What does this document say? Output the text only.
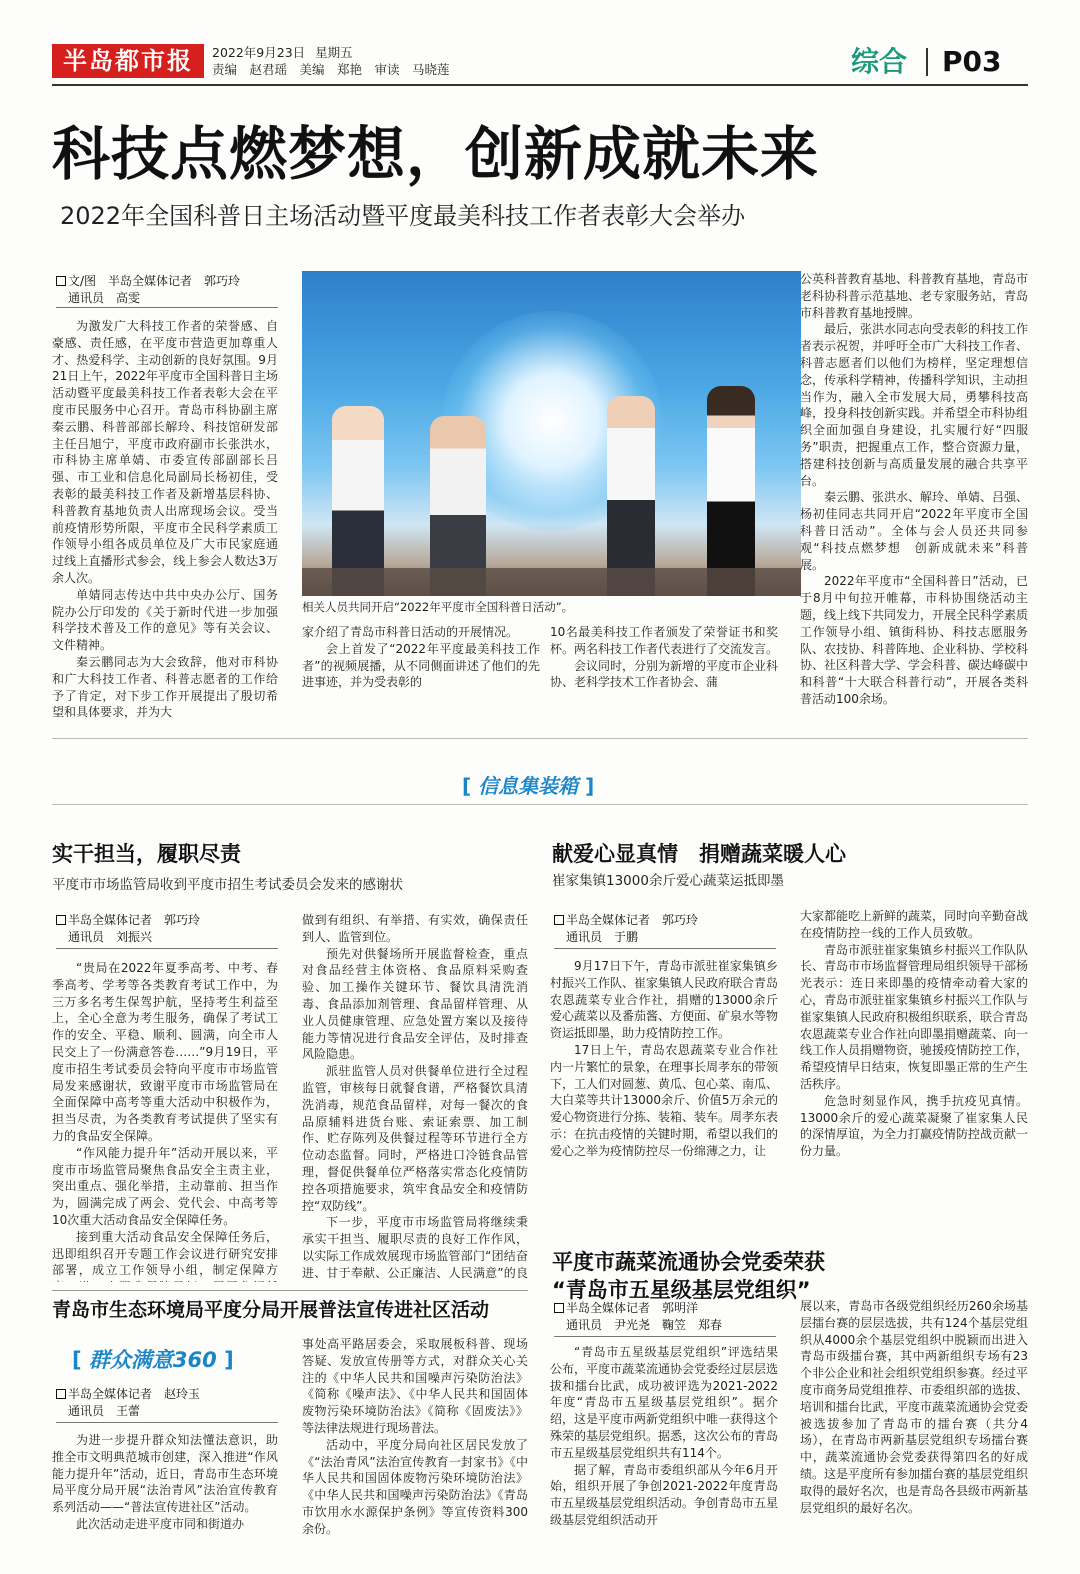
半岛都市报	2022年9月23日 星期五
责编　赵君瑶　美编　郑艳　审读　马晓莲	综合 P03
科技点燃梦想，创新成就未来
2022年全国科普日主场活动暨平度最美科技工作者表彰大会举办
文/图　半岛全媒体记者　郭巧玲
通讯员　高雯

为激发广大科技工作者的荣誉感、自豪感、责任感，在平度市营造更加尊重人才、热爱科学、主动创新的良好氛围。9月21日上午，2022年平度市全国科普日主场活动暨平度最美科技工作者表彰大会在平度市民服务中心召开。青岛市科协副主席秦云鹏、科普部部长解玲、科技馆研发部主任吕旭宁，平度市政府副市长张洪水，市科协主席单婧、市委宣传部副部长吕强、市工业和信息化局副局长杨初佳，受表彰的最美科技工作者及新增基层科协、科普教育基地负责人出席现场会议。受当前疫情形势所限，平度市全民科学素质工作领导小组各成员单位及广大市民家庭通过线上直播形式参会，线上参会人数达3万余人次。

单婧同志传达中共中央办公厅、国务院办公厅印发的《关于新时代进一步加强科学技术普及工作的意见》等有关会议、文件精神。

秦云鹏同志为大会致辞，他对市科协和广大科技工作者、科普志愿者的工作给予了肯定，对下步工作开展提出了殷切希望和具体要求，并为大

相关人员共同开启“2022年平度市全国科普日活动”。

家介绍了青岛市科普日活动的开展情况。

会上首发了“2022年平度最美科技工作者”的视频展播，从不同侧面讲述了他们的先进事迹，并为受表彰的

10名最美科技工作者颁发了荣誉证书和奖杯。两名科技工作者代表进行了交流发言。

会议同时，分别为新增的平度市企业科协、老科学技术工作者协会、蒲

公英科普教育基地、科普教育基地，青岛市老科协科普示范基地、老专家服务站，青岛市科普教育基地授牌。

最后，张洪水同志向受表彰的科技工作者表示祝贺，并呼吁全市广大科技工作者、科普志愿者们以他们为榜样，坚定理想信念，传承科学精神，传播科学知识，主动担当作为，融入全市发展大局，勇攀科技高峰，投身科技创新实践。并希望全市科协组织全面加强自身建设，扎实履行好“四服务”职责，把握重点工作，整合资源力量，搭建科技创新与高质量发展的融合共享平台。

秦云鹏、张洪水、解玲、单婧、吕强、杨初佳同志共同开启“2022年平度市全国科普日活动”。全体与会人员还共同参观“科技点燃梦想　创新成就未来”科普展。

2022年平度市“全国科普日”活动，已于8月中旬拉开帷幕，市科协围绕活动主题，线上线下共同发力，开展全民科学素质工作领导小组、镇街科协、科技志愿服务队、农技协、科普阵地、企业科协、学校科协、社区科普大学、学会科普、碳达峰碳中和科普“十大联合科普行动”，开展各类科普活动100余场。

[ 信息集装箱 ]
实干担当，履职尽责
平度市市场监管局收到平度市招生考试委员会发来的感谢状
半岛全媒体记者　郭巧玲
通讯员　刘振兴

“贵局在2022年夏季高考、中考、春季高考、学考等各类教育考试工作中，为三万多名考生保驾护航，坚持考生利益至上，全心全意为考生服务，确保了考试工作的安全、平稳、顺利、圆满，向全市人民交上了一份满意答卷……”9月19日，平度市招生考试委员会特向平度市市场监管局发来感谢状，致谢平度市市场监管局在全面保障中高考等重大活动中积极作为，担当尽责，为各类教育考试提供了坚实有力的食品安全保障。

“作风能力提升年”活动开展以来，平度市市场监管局聚焦食品安全主责主业，突出重点、强化举措，主动靠前、担当作为，圆满完成了两会、党代会、中高考等10次重大活动食品安全保障任务。

接到重大活动食品安全保障任务后，迅即组织召开专题工作会议进行研究安排部署，成立工作领导小组，制定保障方

做到有组织、有举措、有实效，确保责任到人、监管到位。

预先对供餐场所开展监督检查，重点对食品经营主体资格、食品原料采购查验、加工操作关键环节、餐饮具清洗消毒、食品添加剂管理、食品留样管理、从业人员健康管理、应急处置方案以及接待能力等情况进行食品安全评估，及时排查风险隐患。

派驻监管人员对供餐单位进行全过程监管，审核每日就餐食谱，严格餐饮具清洗消毒，规范食品留样，对每一餐次的食品原辅料进货台账、索证索票、加工制作、贮存陈列及供餐过程等环节进行全方位动态监督。同时，严格进口冷链食品管理，督促供餐单位严格落实常态化疫情防控各项措施要求，筑牢食品安全和疫情防控“双防线”。

下一步，平度市市场监管局将继续秉承实干担当、履职尽责的良好工作作风，以实际工作成效展现市场监管部门“团结奋进、甘于奉献、公正廉洁、人民满意”的良

献爱心显真情　捐赠蔬菜暖人心
崔家集镇13000余斤爱心蔬菜运抵即墨
半岛全媒体记者　郭巧玲
通讯员　于鹏

9月17日下午，青岛市派驻崔家集镇乡村振兴工作队、崔家集镇人民政府联合青岛农恩蔬菜专业合作社，捐赠的13000余斤爱心蔬菜以及番茄酱、方便面、矿泉水等物资运抵即墨，助力疫情防控工作。

17日上午，青岛农恩蔬菜专业合作社内一片繁忙的景象，在理事长周孝东的带领下，工人们对圆葱、黄瓜、包心菜、南瓜、大白菜等共计13000余斤、价值5万余元的爱心物资进行分拣、装箱、装车。周孝东表示：在抗击疫情的关键时期，希望以我们的爱心之举为疫情防控尽一份绵薄之力，让

大家都能吃上新鲜的蔬菜，同时向辛勤奋战在疫情防控一线的工作人员致敬。

青岛市派驻崔家集镇乡村振兴工作队队长、青岛市市场监督管理局组织领导干部杨光表示：连日来即墨的疫情牵动着大家的心，青岛市派驻崔家集镇乡村振兴工作队与崔家集镇人民政府积极组织联系，联合青岛农恩蔬菜专业合作社向即墨捐赠蔬菜、向一线工作人员捐赠物资，驰援疫情防控工作，希望疫情早日结束，恢复即墨正常的生产生活秩序。

危急时刻显作风，携手抗疫见真情。13000余斤的爱心蔬菜凝聚了崔家集人民的深情厚谊，为全力打赢疫情防控战贡献一份力量。

平度市蔬菜流通协会党委荣获
“青岛市五星级基层党组织”
半岛全媒体记者　郭明洋
通讯员　尹光尧　鞠笠　郑春

“青岛市五星级基层党组织”评选结果公布，平度市蔬菜流通协会党委经过层层选拔和擂台比武，成功被评选为2021-2022年度“青岛市五星级基层党组织”。据介绍，这是平度市两新党组织中唯一获得这个殊荣的基层党组织。据悉，这次公布的青岛市五星级基层党组织共有114个。

据了解，青岛市委组织部从今年6月开始，组织开展了争创2021-2022年度青岛市五星级基层党组织活动。争创青岛市五星级基层党组织活动开

展以来，青岛市各级党组织经历260余场基层擂台赛的层层选拔，共有124个基层党组织从4000余个基层党组织中脱颖而出进入青岛市级擂台赛，其中两新组织专场有23个非公企业和社会组织党组织参赛。经过平度市商务局党组推荐、市委组织部的选拔、培训和擂台比武，平度市蔬菜流通协会党委被选拔参加了青岛市的擂台赛（共分4场），在青岛市两新基层党组织专场擂台赛中，蔬菜流通协会党委获得第四名的好成绩。这是平度所有参加擂台赛的基层党组织取得的最好名次，也是青岛各县级市两新基层党组织的最好名次。

青岛市生态环境局平度分局开展普法宣传进社区活动
[ 群众满意360 ]
半岛全媒体记者　赵玲玉
通讯员　王蕾

为进一步提升群众知法懂法意识，助推全市文明典范城市创建，深入推进“作风能力提升年”活动，近日，青岛市生态环境局平度分局开展“法治青风”法治宣传教育系列活动——“普法宣传进社区”活动。

此次活动走进平度市同和街道办

事处高平路居委会，采取展板科普、现场答疑、发放宣传册等方式，对群众关心关注的《中华人民共和国噪声污染防治法》《简称《噪声法》、《中华人民共和国固体废物污染环境防治法》《简称《固废法》》等法律法规进行现场普法。

活动中，平度分局向社区居民发放了《“法治青风”法治宣传教育一封家书》《中华人民共和国固体废物污染环境防治法》《中华人民共和国噪声污染防治法》《青岛市饮用水水源保护条例》等宣传资料300余份。
